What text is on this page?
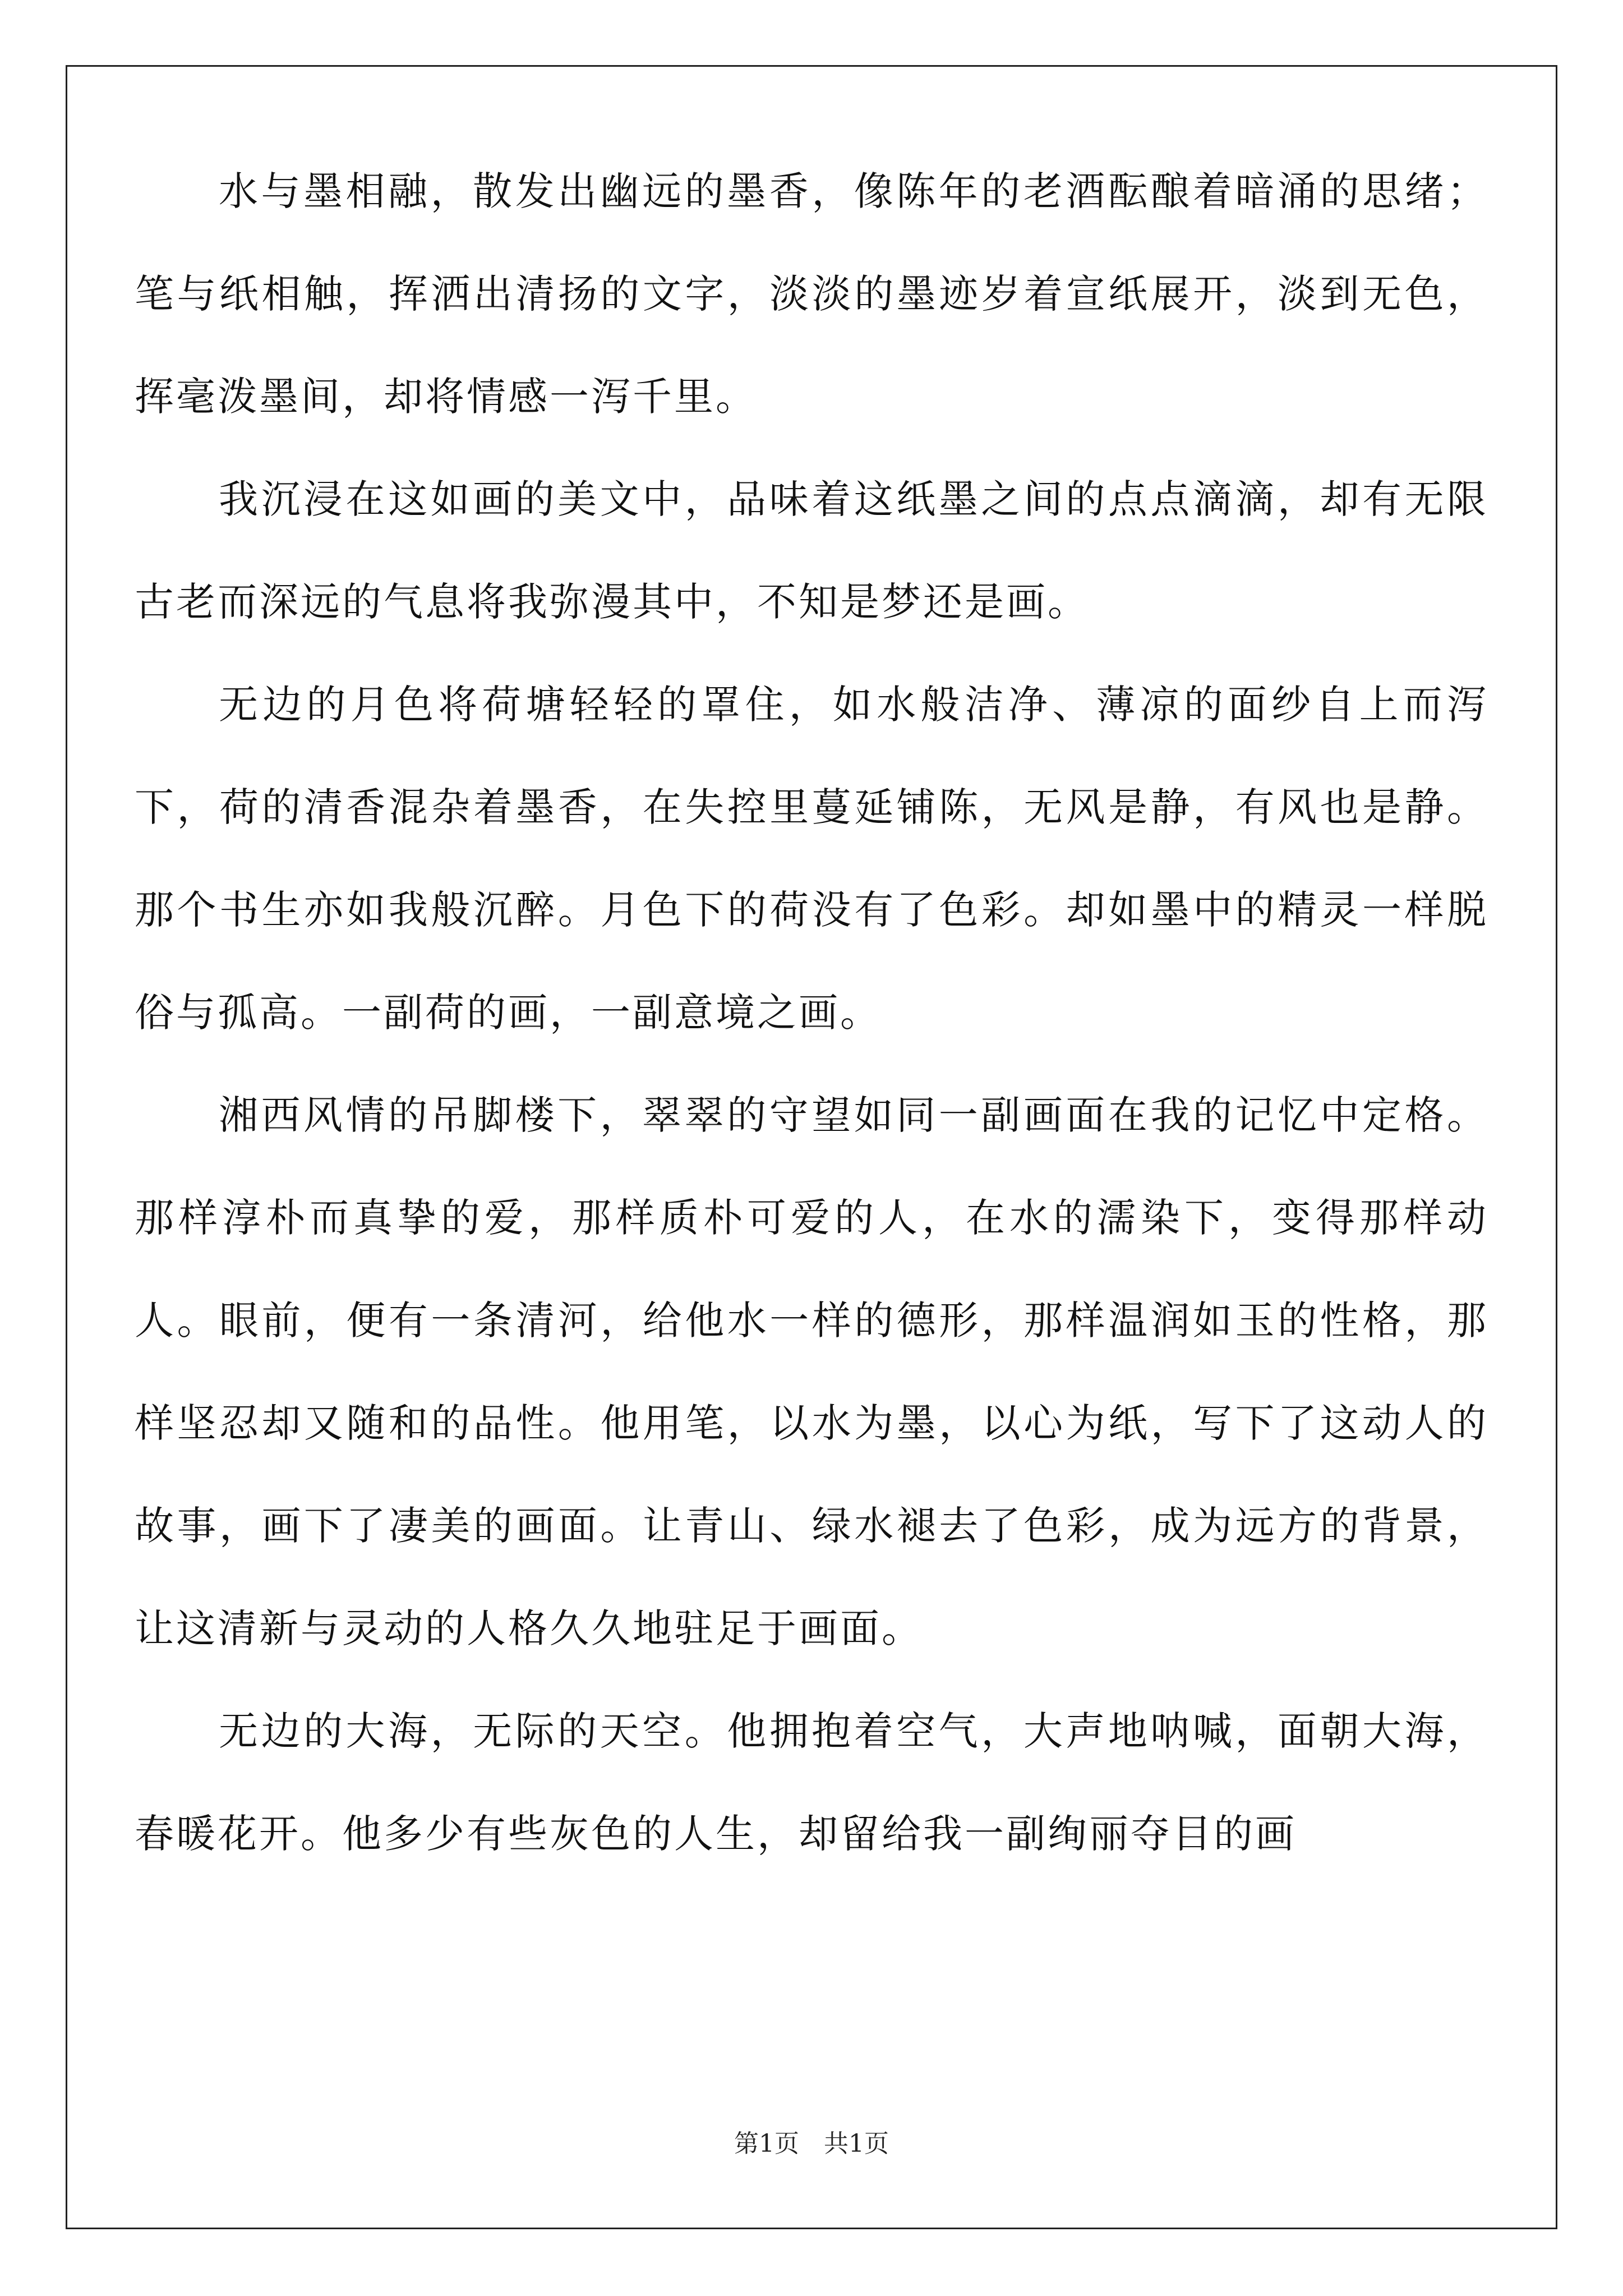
水与墨相融，散发出幽远的墨香，像陈年的老酒酝酿着暗涌的思绪；笔与纸相触，挥洒出清扬的文字，淡淡的墨迹岁着宣纸展开，淡到无色，挥毫泼墨间，却将情感一泻千里。

我沉浸在这如画的美文中，品味着这纸墨之间的点点滴滴，却有无限古老而深远的气息将我弥漫其中，不知是梦还是画。

无边的月色将荷塘轻轻的罩住，如水般洁净、薄凉的面纱自上而泻下，荷的清香混杂着墨香，在失控里蔓延铺陈，无风是静，有风也是静。那个书生亦如我般沉醉。月色下的荷没有了色彩。却如墨中的精灵一样脱俗与孤高。一副荷的画，一副意境之画。

湘西风情的吊脚楼下，翠翠的守望如同一副画面在我的记忆中定格。那样淳朴而真挚的爱，那样质朴可爱的人，在水的濡染下，变得那样动人。眼前，便有一条清河，给他水一样的德形，那样温润如玉的性格，那样坚忍却又随和的品性。他用笔，以水为墨，以心为纸，写下了这动人的故事，画下了凄美的画面。让青山、绿水褪去了色彩，成为远方的背景，让这清新与灵动的人格久久地驻足于画面。

无边的大海，无际的天空。他拥抱着空气，大声地呐喊，面朝大海，春暖花开。他多少有些灰色的人生，却留给我一副绚丽夺目的画

第1页　共1页
